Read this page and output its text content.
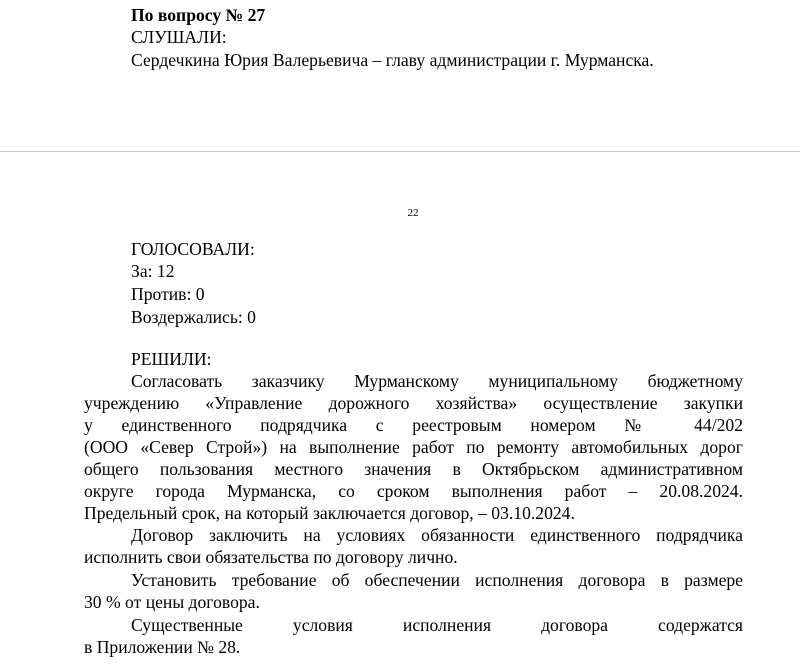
По вопросу № 27
СЛУШАЛИ:
Сердечкина Юрия Валерьевича – главу администрации г. Мурманска.
22
ГОЛОСОВАЛИ:
За: 12
Против: 0
Воздержались: 0
РЕШИЛИ:
Согласовать заказчику Мурманскому муниципальному бюджетному
учреждению «Управление дорожного хозяйства» осуществление закупки
у единственного подрядчика с реестровым номером № 44/202
(ООО «Север Строй») на выполнение работ по ремонту автомобильных дорог
общего пользования местного значения в Октябрьском административном
округе города Мурманска, со сроком выполнения работ – 20.08.2024.
Предельный срок, на который заключается договор, – 03.10.2024.
Договор заключить на условиях обязанности единственного подрядчика
исполнить свои обязательства по договору лично.
Установить требование об обеспечении исполнения договора в размере
30 % от цены договора.
Существенные условия исполнения договора содержатся
в Приложении № 28.
